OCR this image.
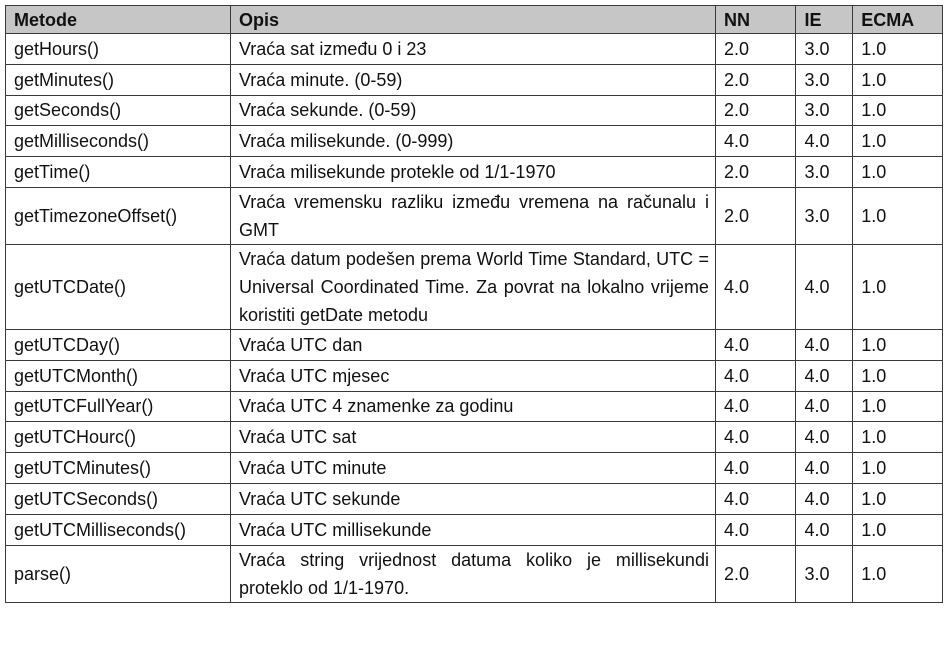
Metode	Opis	NN	IE	ECMA
getHours()	Vraća sat između 0 i 23	2.0	3.0	1.0
getMinutes()	Vraća minute. (0-59)	2.0	3.0	1.0
getSeconds()	Vraća sekunde. (0-59)	2.0	3.0	1.0
getMilliseconds()	Vraća milisekunde. (0-999)	4.0	4.0	1.0
getTime()	Vraća milisekunde protekle od 1/1-1970	2.0	3.0	1.0
getTimezoneOffset()	Vraća vremensku razliku između vremena na računalu i GMT	2.0	3.0	1.0
getUTCDate()	Vraća datum podešen prema World Time Standard, UTC = Universal Coordinated Time. Za povrat na lokalno vrijeme koristiti getDate metodu	4.0	4.0	1.0
getUTCDay()	Vraća UTC dan	4.0	4.0	1.0
getUTCMonth()	Vraća UTC mjesec	4.0	4.0	1.0
getUTCFullYear()	Vraća UTC 4 znamenke za godinu	4.0	4.0	1.0
getUTCHourc()	Vraća UTC sat	4.0	4.0	1.0
getUTCMinutes()	Vraća UTC minute	4.0	4.0	1.0
getUTCSeconds()	Vraća UTC sekunde	4.0	4.0	1.0
getUTCMilliseconds()	Vraća UTC millisekunde	4.0	4.0	1.0
parse()	Vraća string vrijednost datuma koliko je millisekundi proteklo od 1/1-1970.	2.0	3.0	1.0
